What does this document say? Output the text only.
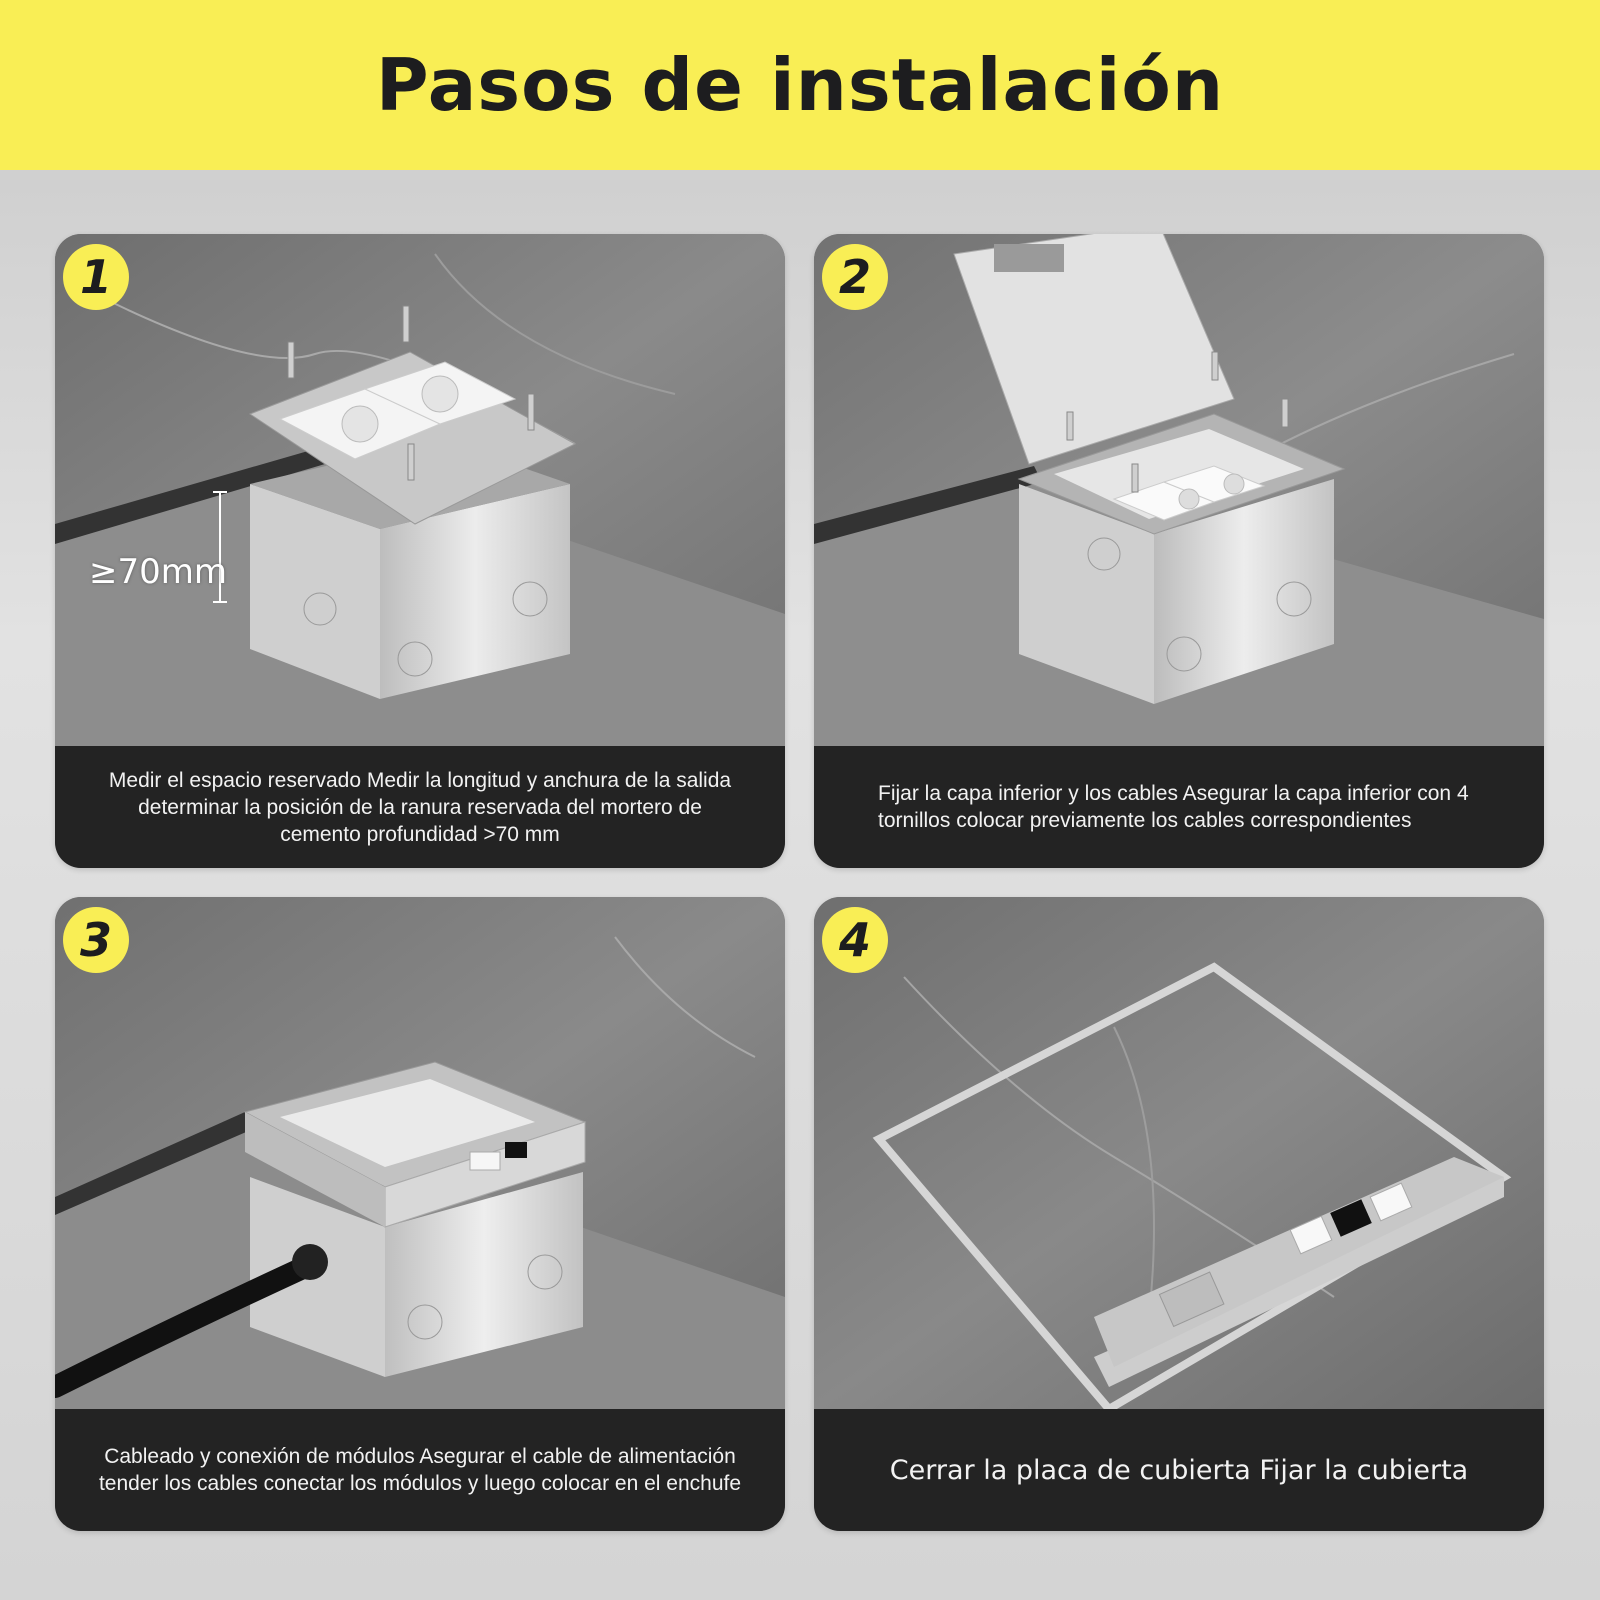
Pasos de instalación
≥70mm
1
Medir el espacio reservado Medir la longitud y anchura de la salida determinar la posición de la ranura reservada del mortero de cemento profundidad >70 mm
2
Fijar la capa inferior y los cables Asegurar la capa inferior con 4 tornillos colocar previamente los cables correspondientes
3
Cableado y conexión de módulos Asegurar el cable de alimentación tender los cables conectar los módulos y luego colocar en el enchufe
4
Cerrar la placa de cubierta Fijar la cubierta
